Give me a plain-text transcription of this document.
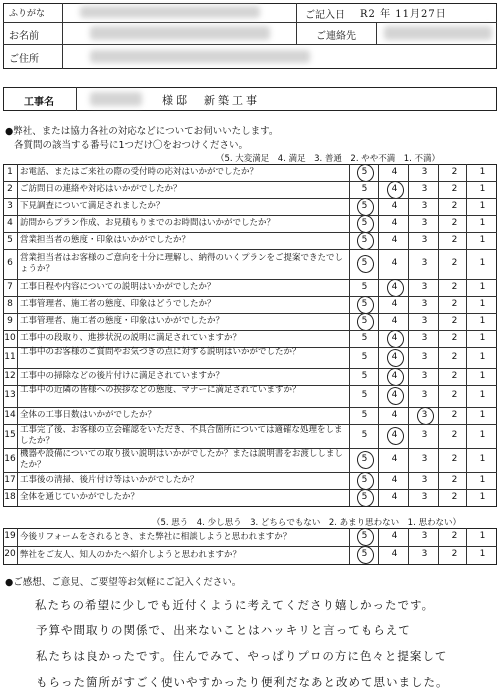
ふりがな
お名前
ご住所
ご記入日 R2 年 11月27日
ご連絡先
工事名	様邸　新築工事
●弊社、または協力各社の対応などについてお伺いいたします。
各質問の該当する番号に1つだけ〇をおつけください。
（5. 大変満足　4. 満足　3. 普通　2. やや不満　1. 不満）
1 お電話、またはご来社の際の受付時の応対はいかがでしたか？	5	4	3	2	1
2 ご訪問日の連絡や対応はいかがでしたか？	5	4	3	2	1
3 下見調査について満足されましたか？	5	4	3	2	1
4 訪問からプラン作成、お見積もりまでのお時間はいかがでしたか？	5	4	3	2	1
5 営業担当者の態度・印象はいかがでしたか？	5	4	3	2	1
6 営業担当者はお客様のご意向を十分に理解し、納得のいくプランをご提案できたでしょうか？
5	4	3	2	1
7 工事日程や内容についての説明はいかがでしたか？	5	4	3	2	1
8 工事管理者、施工者の態度、印象はどうでしたか？	5	4	3	2	1
9 工事管理者、施工者の態度・印象はいかがでしたか？	5	4	3	2	1
10 工事中の段取り、進捗状況の説明に満足されていますか？	5	4	3	2	1
11 工事中のお客様のご質問やお気づきの点に対する説明はいかがでしたか？	5	4	3	2	1
12 工事中の掃除などの後片付けに満足されていますか？	5	4	3	2	1
13 工事中の近隣の皆様への挨拶などの態度、マナーに満足されていますか？	5	4	3	2	1
14 全体の工事日数はいかがでしたか？	5	4	3	2	1
15 工事完了後、お客様の立会確認をいただき、不具合箇所については適確な処理をしましたか？
5	4	3	2	1
16 機器や設備についての取り扱い説明はいかがでしたか？または説明書をお渡ししましたか？
5	4	3	2	1
17 工事後の清掃、後片付け等はいかがでしたか？	5	4	3	2	1
18 全体を通じていかがでしたか？	5	4	3	2	1
（5. 思う　4. 少し思う　3. どちらでもない　2. あまり思わない　1. 思わない）
19 今後リフォームをされるとき、また弊社に相談しようと思われますか？	5	4	3	2	1
20 弊社をご友人、知人のかたへ紹介しようと思われますか？	5	4	3	2	1
●ご感想、ご意見、ご要望等お気軽にご記入ください。
私たちの希望に少しでも近付くように考えてくださり嬉しかったです。
予算や間取りの関係で、出来ないことはハッキリと言ってもらえて
私たちは良かったです。住んでみて、やっぱりプロの方に色々と提案して
もらった箇所がすごく使いやすかったり便利だなあと改めて思いました。
